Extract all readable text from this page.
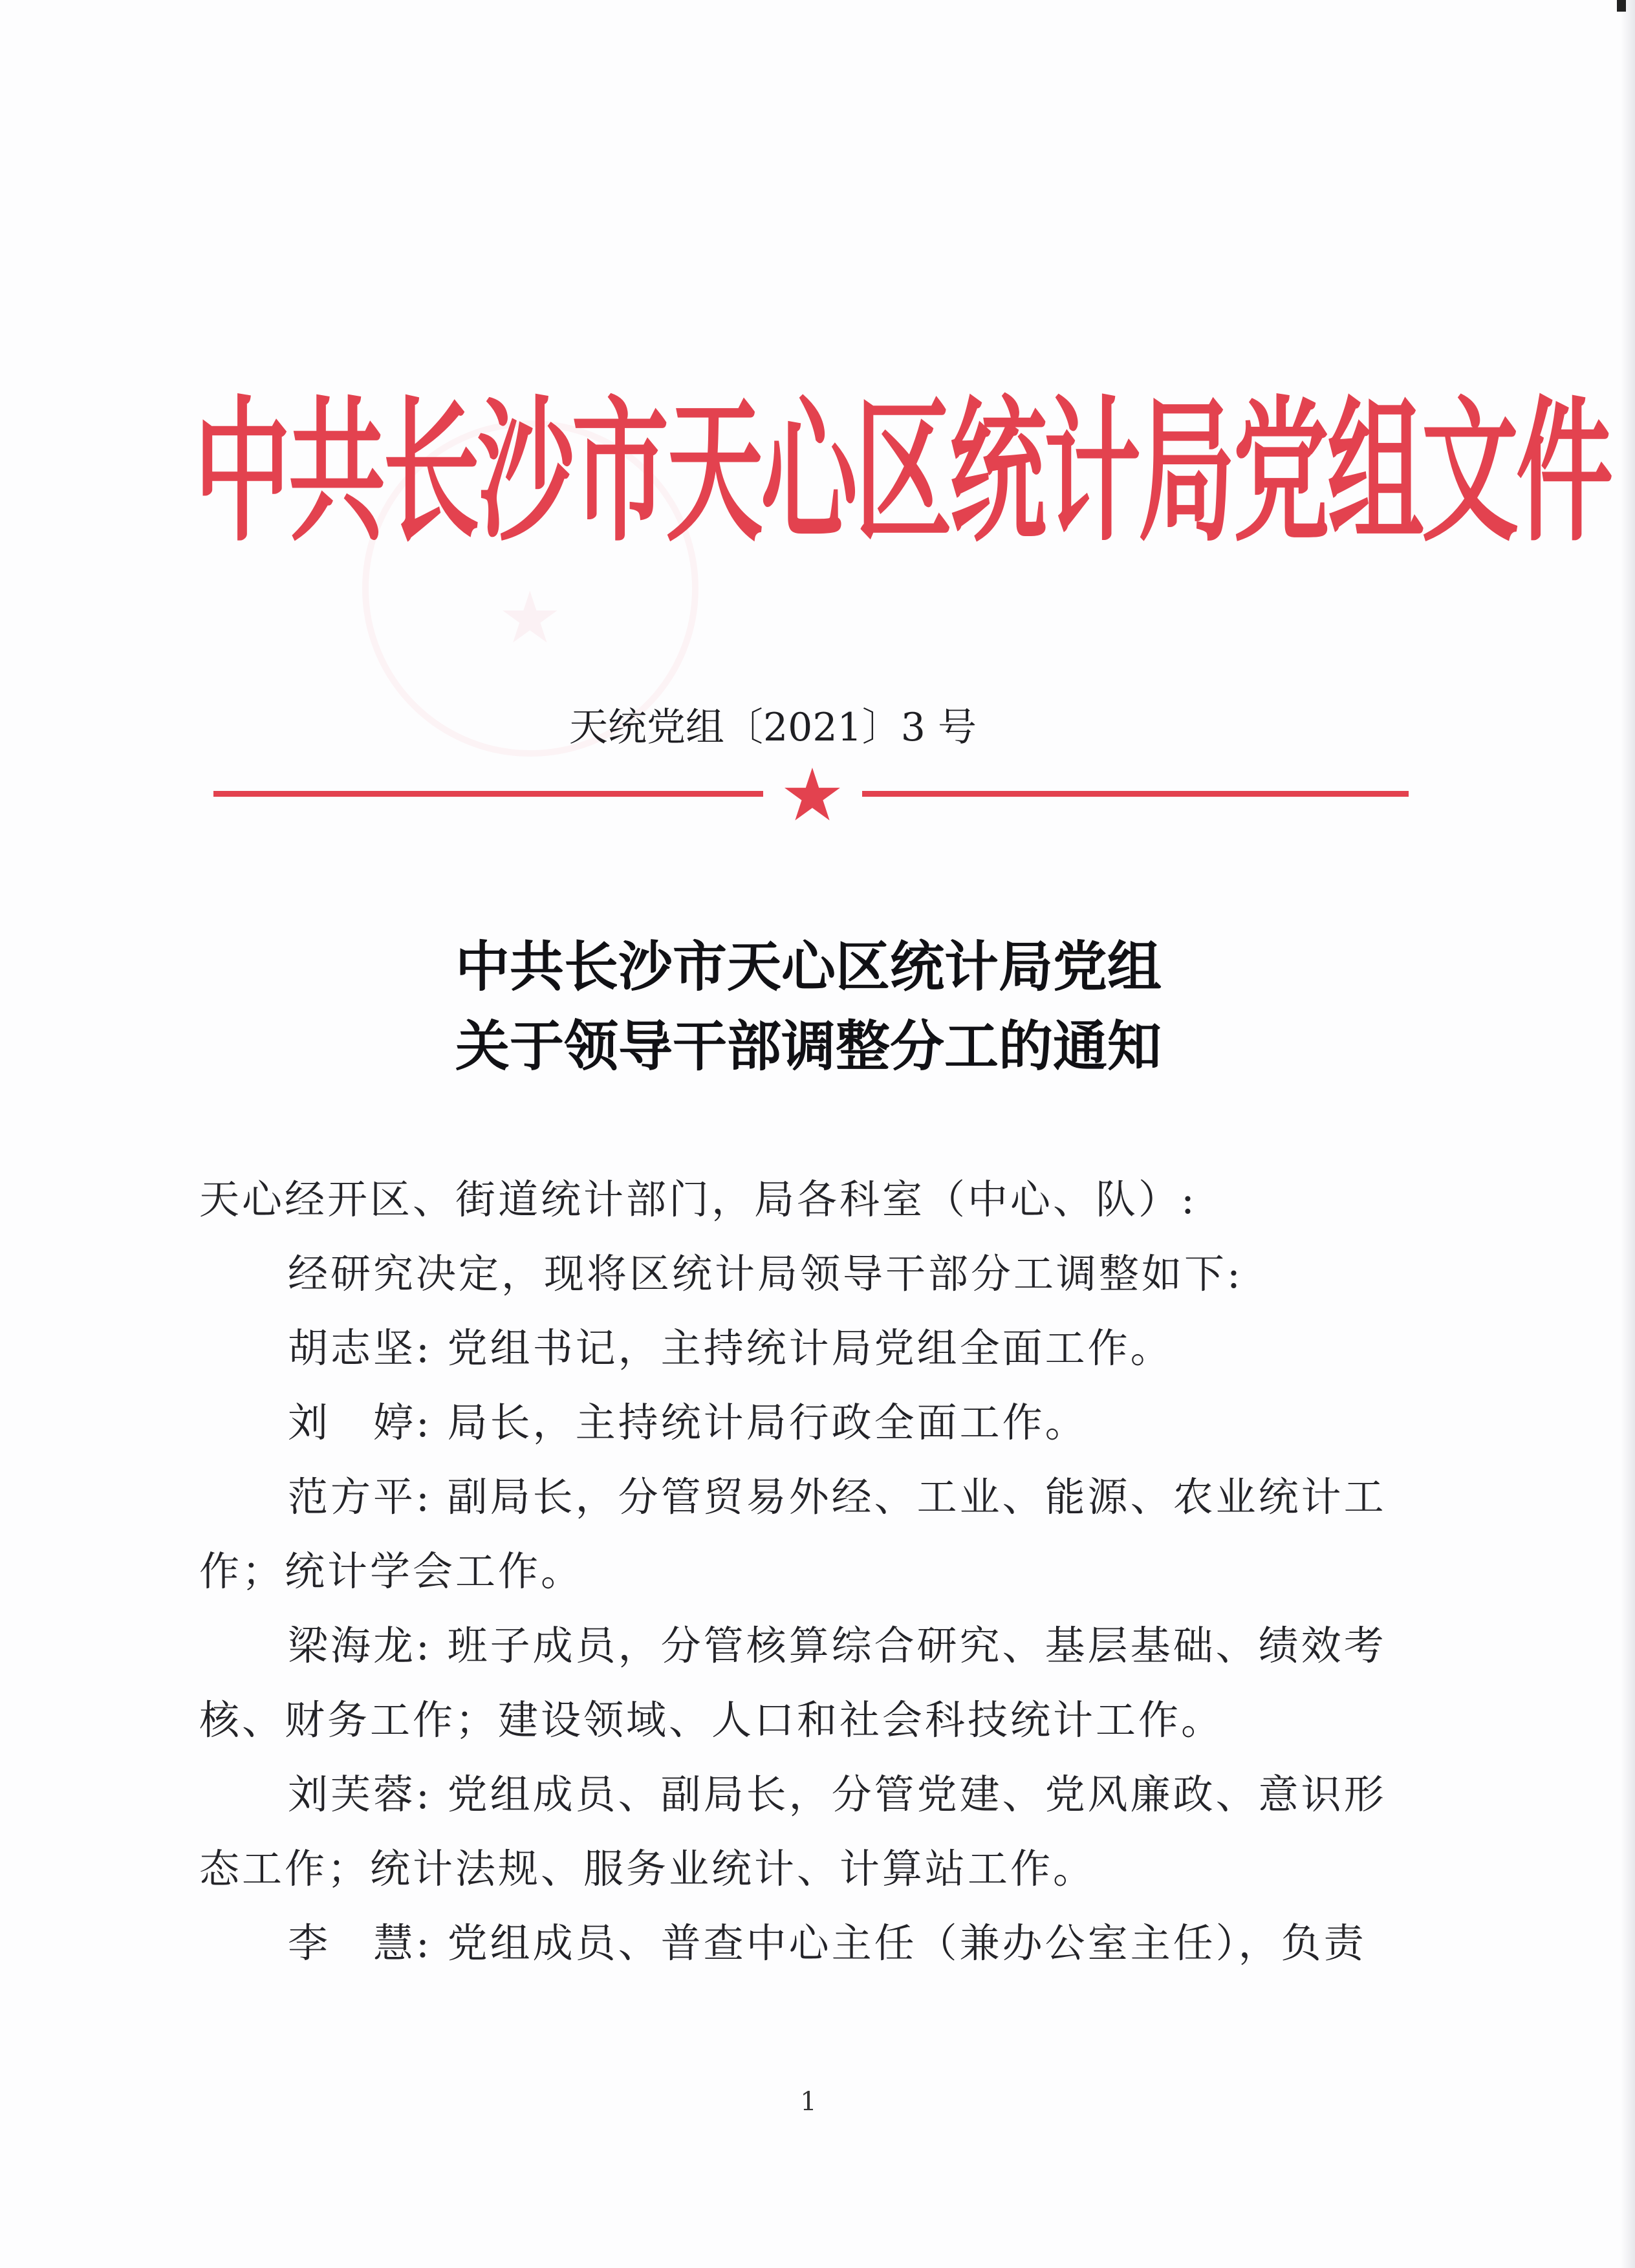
★
中共长沙市天心区统计局党组文件
天统党组〔2021〕3 号
★
中共长沙市天心区统计局党组
关于领导干部调整分工的通知
天心经开区、街道统计部门，局各科室（中心、队）:
经研究决定，现将区统计局领导干部分工调整如下:
胡志坚: 党组书记，主持统计局党组全面工作。
刘　婷: 局长，主持统计局行政全面工作。
范方平: 副局长，分管贸易外经、工业、能源、农业统计工
作；统计学会工作。
梁海龙: 班子成员，分管核算综合研究、基层基础、绩效考
核、财务工作；建设领域、人口和社会科技统计工作。
刘芙蓉: 党组成员、副局长，分管党建、党风廉政、意识形
态工作；统计法规、服务业统计、计算站工作。
李　慧: 党组成员、普查中心主任（兼办公室主任），负责
1
